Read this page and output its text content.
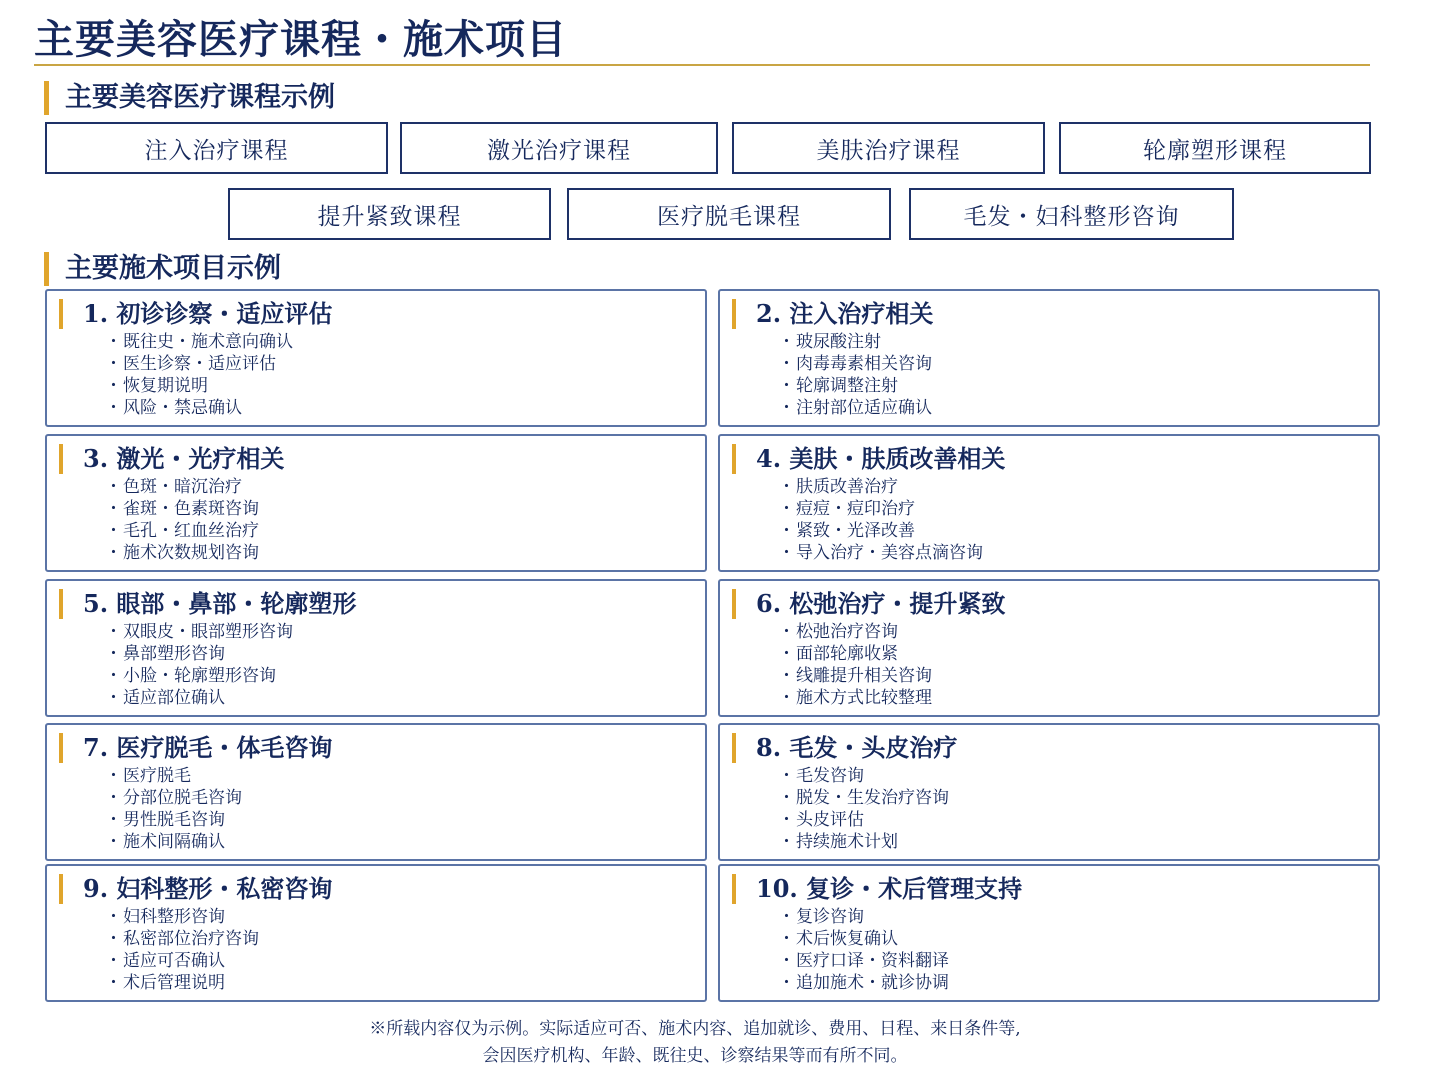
主要美容医疗课程・施术项目
主要美容医疗课程示例
注入治疗课程	激光治疗课程	美肤治疗课程	轮廓塑形课程
提升紧致课程	医疗脱毛课程	毛发・妇科整形咨询
主要施术项目示例
1. 初诊诊察・适应评估
・既往史・施术意向确认
・医生诊察・适应评估
・恢复期说明
・风险・禁忌确认
2. 注入治疗相关
・玻尿酸注射
・肉毒毒素相关咨询
・轮廓调整注射
・注射部位适应确认
3. 激光・光疗相关
・色斑・暗沉治疗
・雀斑・色素斑咨询
・毛孔・红血丝治疗
・施术次数规划咨询
4. 美肤・肤质改善相关
・肤质改善治疗
・痘痘・痘印治疗
・紧致・光泽改善
・导入治疗・美容点滴咨询
5. 眼部・鼻部・轮廓塑形
・双眼皮・眼部塑形咨询
・鼻部塑形咨询
・小脸・轮廓塑形咨询
・适应部位确认
6. 松弛治疗・提升紧致
・松弛治疗咨询
・面部轮廓收紧
・线雕提升相关咨询
・施术方式比较整理
7. 医疗脱毛・体毛咨询
・医疗脱毛
・分部位脱毛咨询
・男性脱毛咨询
・施术间隔确认
8. 毛发・头皮治疗
・毛发咨询
・脱发・生发治疗咨询
・头皮评估
・持续施术计划
9. 妇科整形・私密咨询
・妇科整形咨询
・私密部位治疗咨询
・适应可否确认
・术后管理说明
10. 复诊・术后管理支持
・复诊咨询
・术后恢复确认
・医疗口译・资料翻译
・追加施术・就诊协调
※所载内容仅为示例。实际适应可否、施术内容、追加就诊、费用、日程、来日条件等,
会因医疗机构、年龄、既往史、诊察结果等而有所不同。
